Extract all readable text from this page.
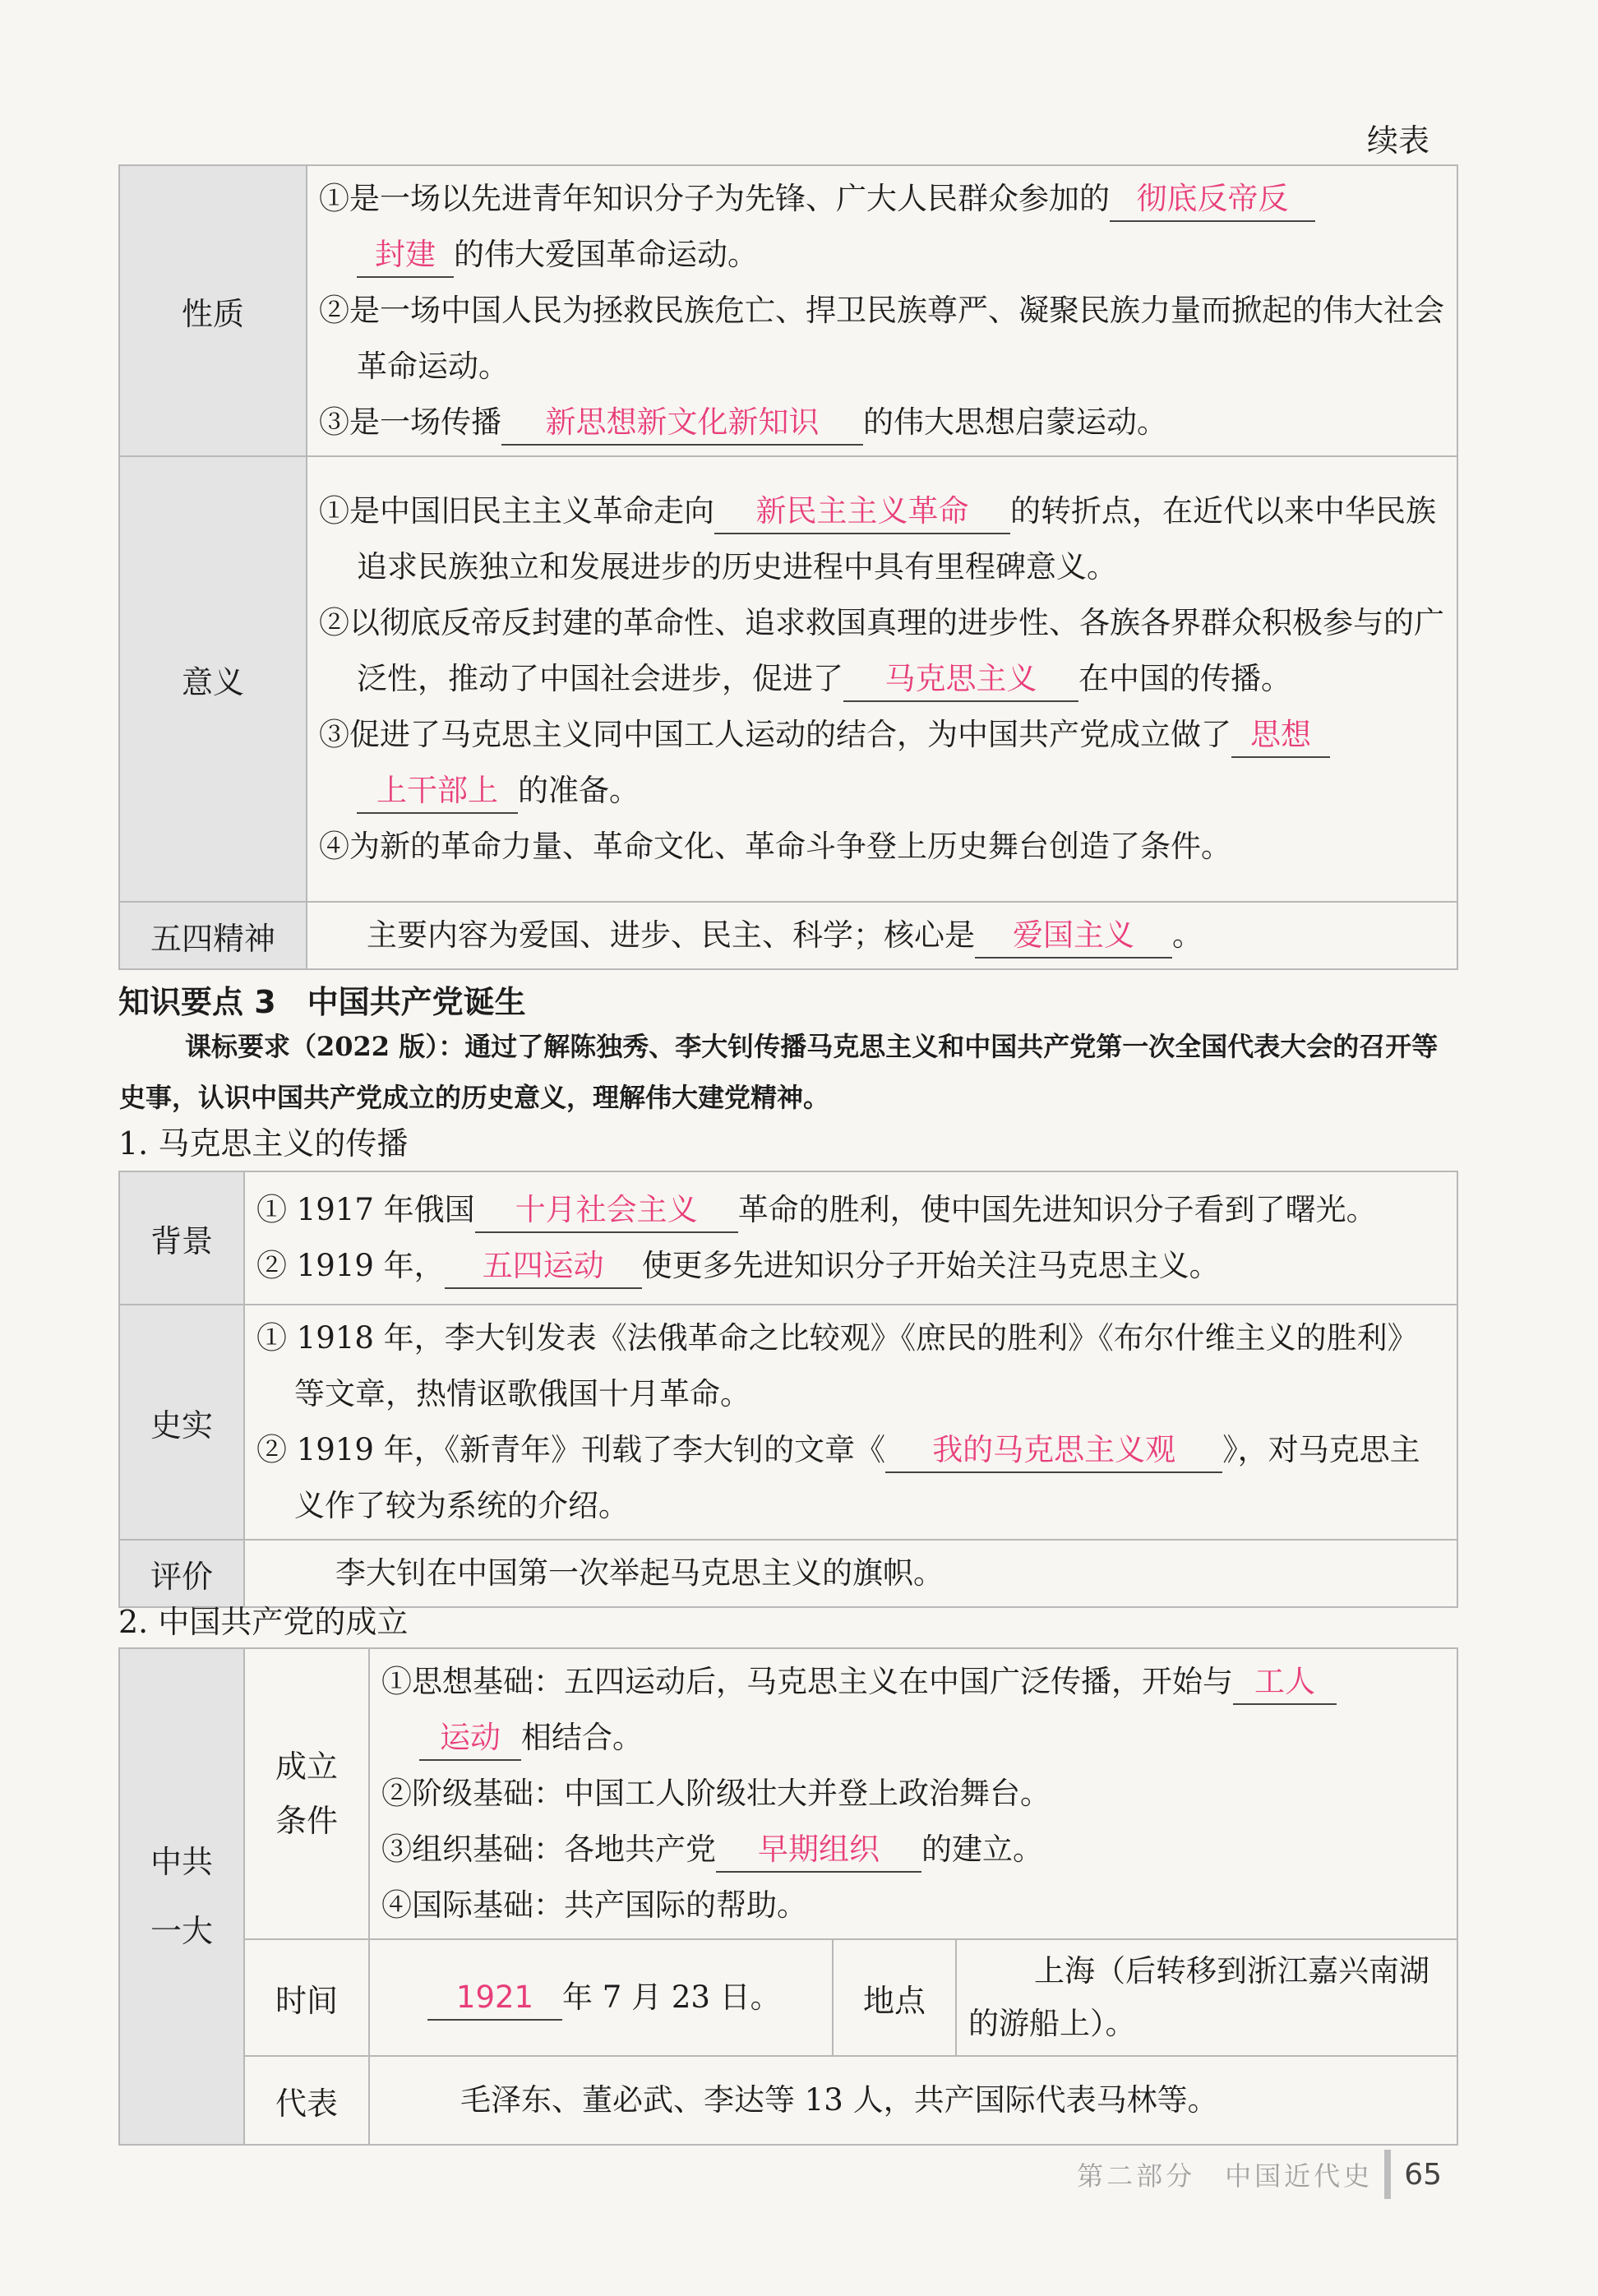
续表
性质	①是一场以先进青年知识分子为先锋、广大人民群众参加的 彻底反帝反
封建 的伟大爱国革命运动。
②是一场中国人民为拯救民族危亡、捍卫民族尊严、凝聚民族力量而掀起的伟大社会革命运动。
③是一场传播 新思想新文化新知识 的伟大思想启蒙运动。

意义	①是中国旧民主主义革命走向 新民主主义革命 的转折点，在近代以来中华民族追求民族独立和发展进步的历史进程中具有里程碑意义。
②以彻底反帝反封建的革命性、追求救国真理的进步性、各族各界群众积极参与的广泛性，推动了中国社会进步，促进了 马克思主义 在中国的传播。
③促进了马克思主义同中国工人运动的结合，为中国共产党成立做了 思想
上干部上 的准备。
④为新的革命力量、革命文化、革命斗争登上历史舞台创造了条件。

五四精神	主要内容为爱国、进步、民主、科学；核心是 爱国主义 。
知识要点 3　中国共产党诞生
课标要求（2022 版）：通过了解陈独秀、李大钊传播马克思主义和中国共产党第一次全国代表大会的召开等史事，认识中国共产党成立的历史意义，理解伟大建党精神。
1. 马克思主义的传播
背景	① 1917 年俄国 十月社会主义 革命的胜利，使中国先进知识分子看到了曙光。
② 1919 年， 五四运动 使更多先进知识分子开始关注马克思主义。

史实	① 1918 年，李大钊发表《法俄革命之比较观》《庶民的胜利》《布尔什维主义的胜利》等文章，热情讴歌俄国十月革命。
② 1919 年，《新青年》刊载了李大钊的文章《 我的马克思主义观 》，对马克思主义作了较为系统的介绍。

评价	李大钊在中国第一次举起马克思主义的旗帜。
2. 中国共产党的成立
中共一大	成立条件	①思想基础：五四运动后，马克思主义在中国广泛传播，开始与 工人
运动 相结合。
②阶级基础：中国工人阶级壮大并登上政治舞台。
③组织基础：各地共产党 早期组织 的建立。
④国际基础：共产国际的帮助。		

	时间	1921 年 7 月 23 日。	地点	上海（后转移到浙江嘉兴南湖的游船上）。
	代表	毛泽东、董必武、李达等 13 人，共产国际代表马林等。		
第二部分　中国近代史 65
